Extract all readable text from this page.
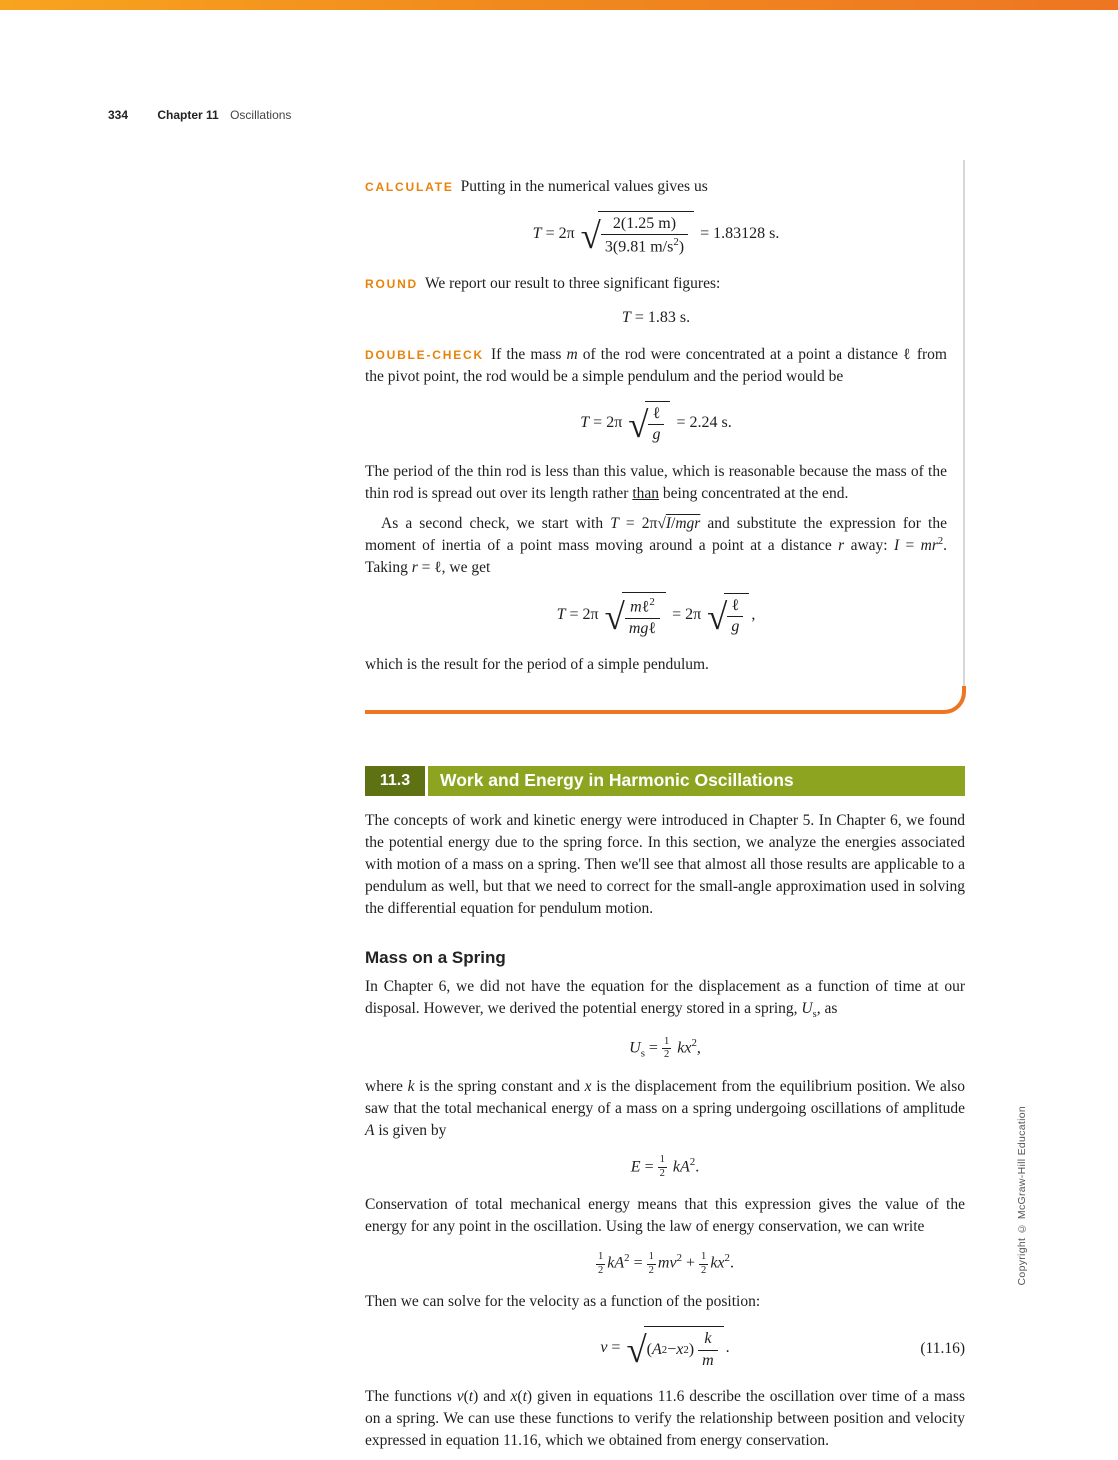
334 Chapter 11 Oscillations

CALCULATE Putting in the numerical values gives us

T = 2π √ $\frac{2(1.25 m)}{3(9.81 m/s^2)} = 1.83128$ s.

ROUND We report our result to three significant figures:

T = 1.83 s.

DOUBLE-CHECK If the mass m of the rod were concentrated at a point a distance ℓ from the pivot point, the rod would be a simple pendulum and the period would be

T = 2π √ $\frac{\text{ℓ}}{g} = 2.24$ s.

The period of the thin rod is less than this value, which is reasonable because the mass of the thin rod is spread out over its length rather than being concentrated at the end.

As a second check, we start with T = 2π√I/mgr and substitute the expression for the moment of inertia of a point mass moving around a point at a distance r away: $I = mr^2$. Taking r = ℓ, we get

T = 2π √ $\frac{m\ell^2}{\text{mgℓ}} = 2\pi$ √ $\frac{\text{ℓ}}{g}$ ,

which is the result for the period of a simple pendulum.

11.3	Work and Energy in Harmonic Oscillations

The concepts of work and kinetic energy were introduced in Chapter 5. In Chapter 6, we found the potential energy due to the spring force. In this section, we analyze the energies associated with motion of a mass on a spring. Then we'll see that almost all those results are applicable to a pendulum as well, but that we need to correct for the small-angle approximation used in solving the differential equation for pendulum motion.

Mass on a Spring

In Chapter 6, we did not have the equation for the displacement as a function of time at our disposal. However, we derived the potential energy stored in a spring, $U_s$, as

$U_s = \frac{1}{2} kx^2$,

where k is the spring constant and x is the displacement from the equilibrium position. We also saw that the total mechanical energy of a mass on a spring undergoing oscillations of amplitude A is given by

$E = \frac{1}{2} kA^2$.

Conservation of total mechanical energy means that this expression gives the value of the energy for any point in the oscillation. Using the law of energy conservation, we can write

$\frac{1}{2} kA^2 = \frac{1}{2} mv^2 + \frac{1}{2} kx^2$.

Then we can solve for the velocity as a function of the position:

v = √ ( A 2 − x 2 ) $\frac{k}{m}$ .	(11.16)

The functions v(t) and x(t) given in equations 11.6 describe the oscillation over time of a mass on a spring. We can use these functions to verify the relationship between position and velocity expressed in equation 11.16, which we obtained from energy conservation.

Copyright © McGraw-Hill Education
